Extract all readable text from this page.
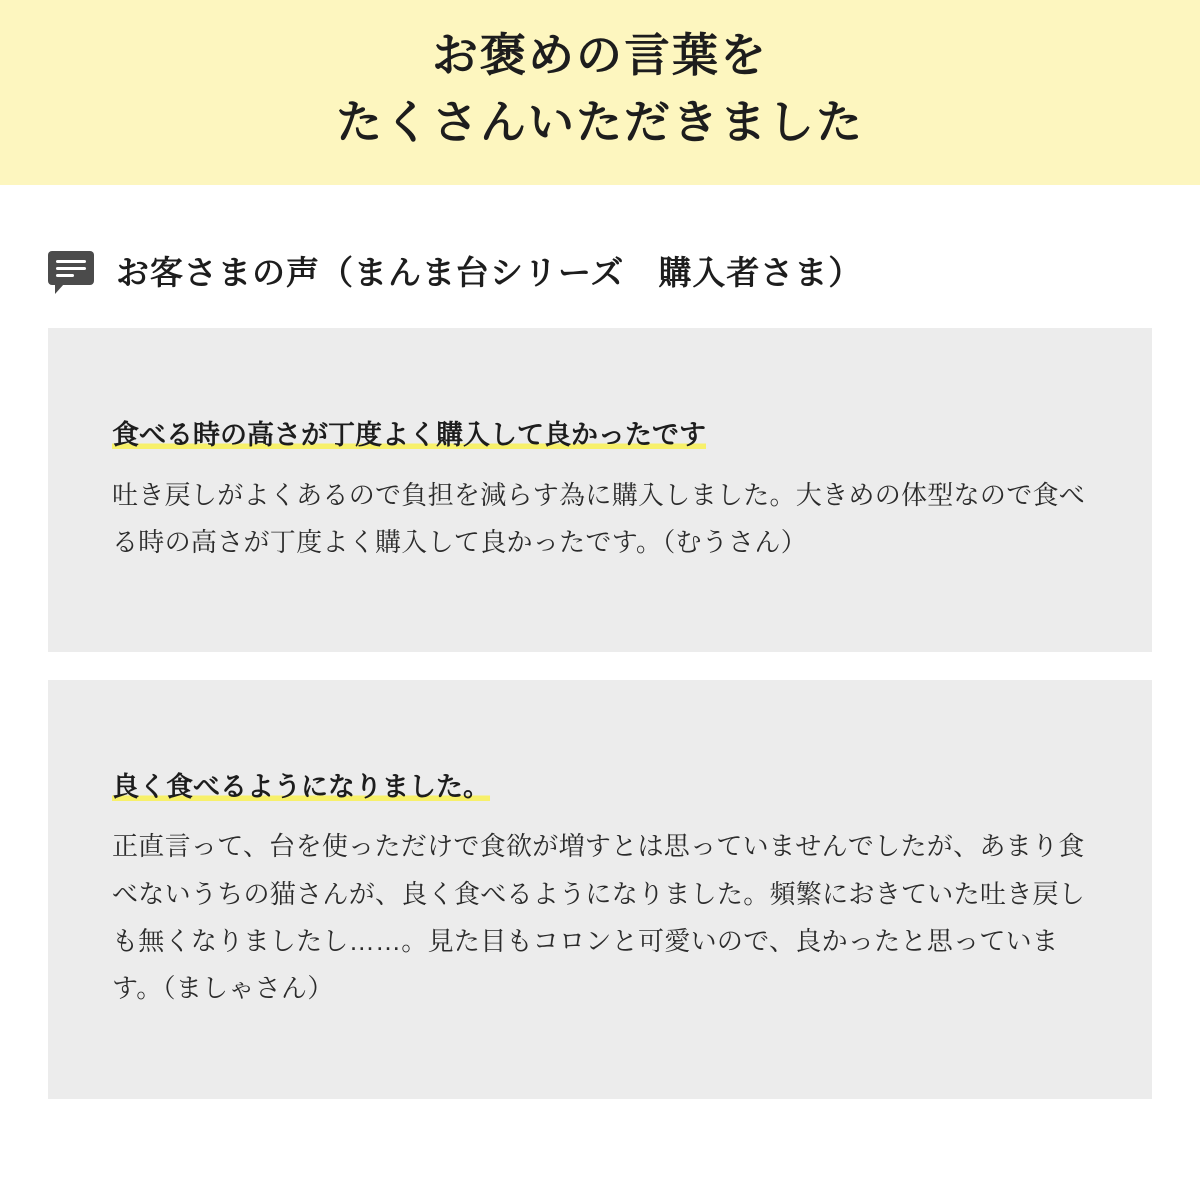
お褒めの言葉を
たくさんいただきました
お客さまの声（まんま台シリーズ　購入者さま）
食べる時の高さが丁度よく購入して良かったです
吐き戻しがよくあるので負担を減らす為に購入しました。大きめの体型なので食べる時の高さが丁度よく購入して良かったです。（むうさん）
良く食べるようになりました。
正直言って、台を使っただけで食欲が増すとは思っていませんでしたが、あまり食べないうちの猫さんが、良く食べるようになりました。頻繁におきていた吐き戻しも無くなりましたし……。見た目もコロンと可愛いので、良かったと思っています。（ましゃさん）
